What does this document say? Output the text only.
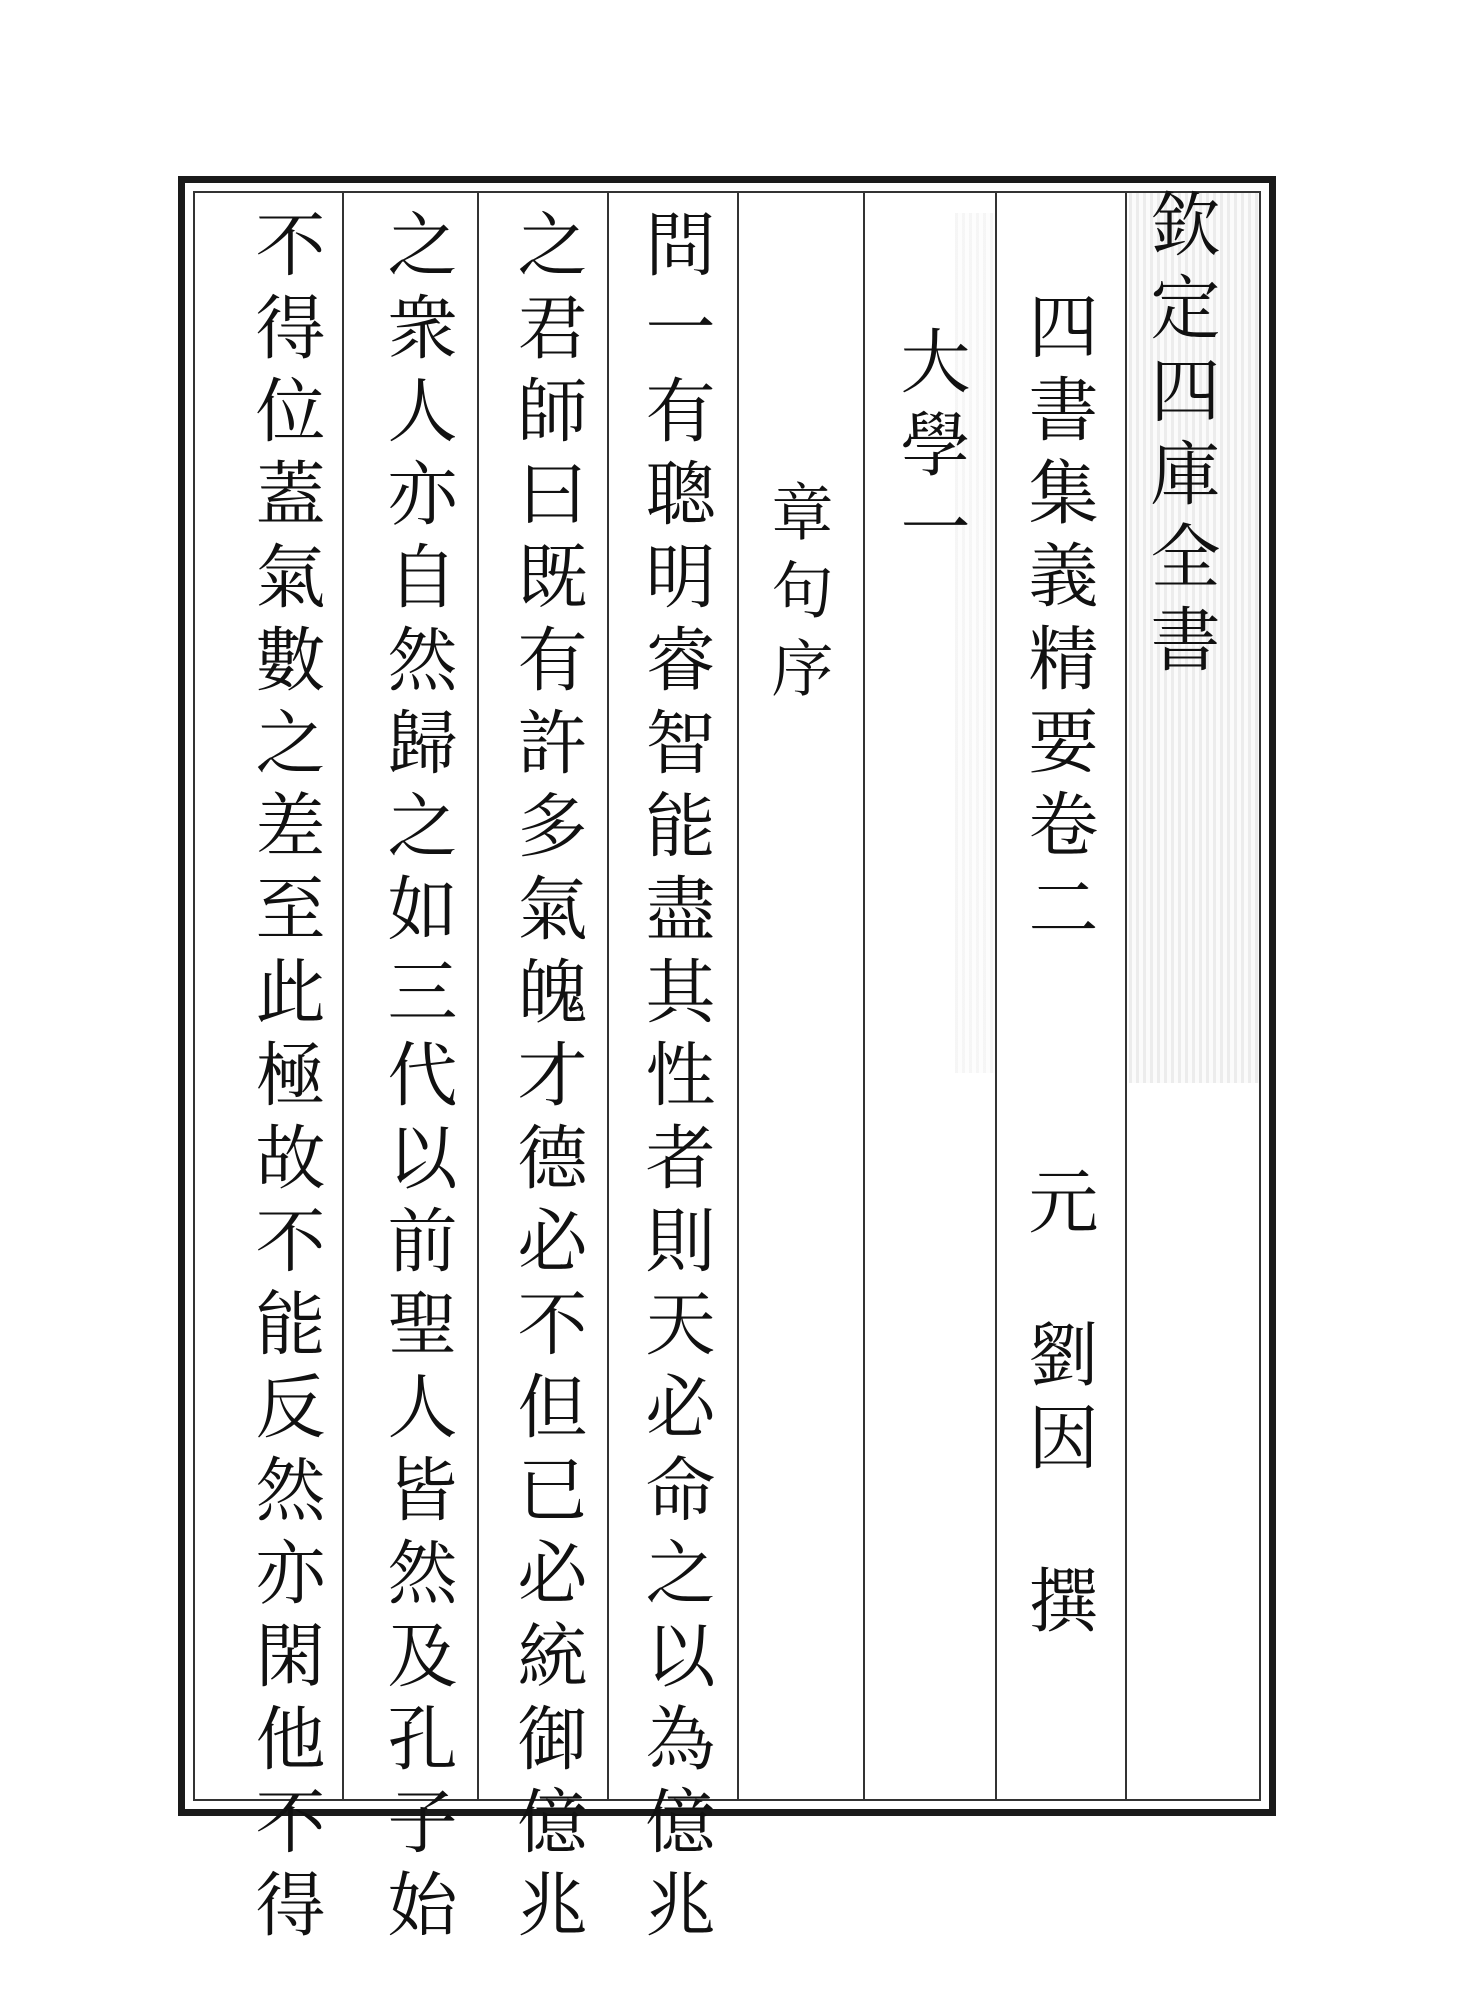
欽定四庫全書
四書集義精要卷二
元
劉因
撰
大學一
章句序
問一有聰明睿智能盡其性者則天必命之以為億兆
之君師曰既有許多氣魄才德必不但已必統御億兆
之衆人亦自然歸之如三代以前聖人皆然及孔子始
不得位蓋氣數之差至此極故不能反然亦閑他不得
